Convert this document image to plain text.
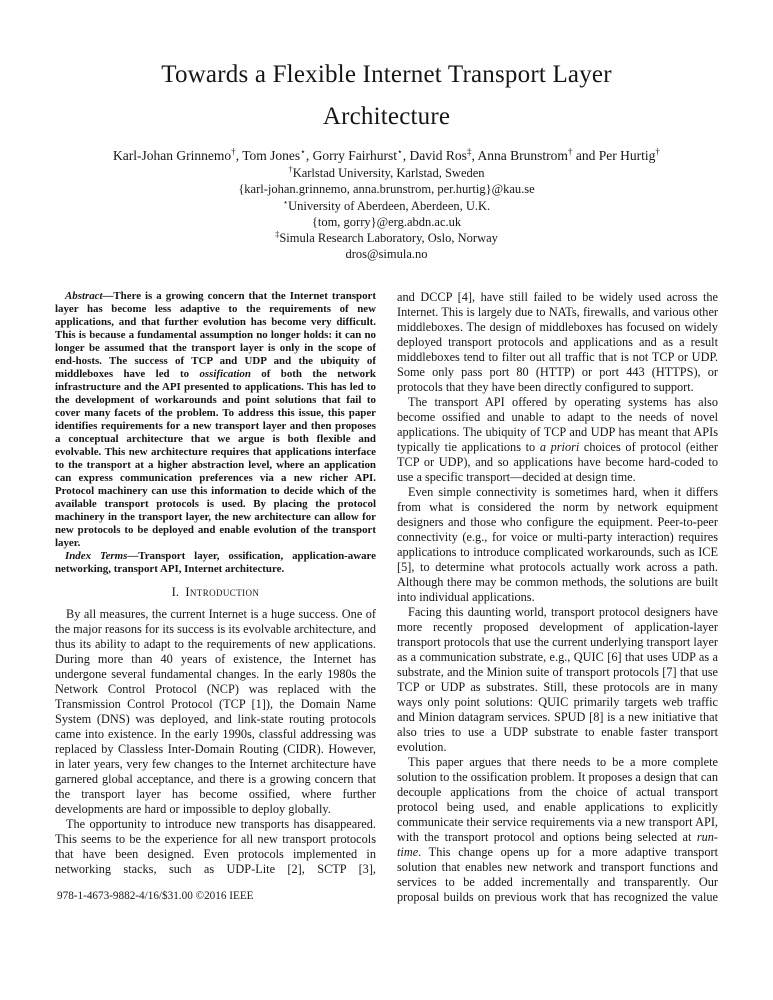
Towards a Flexible Internet Transport Layer
Architecture
Karl-Johan Grinnemo†, Tom Jones⋆, Gorry Fairhurst⋆, David Ros‡, Anna Brunstrom† and Per Hurtig†
†Karlstad University, Karlstad, Sweden
{karl-johan.grinnemo, anna.brunstrom, per.hurtig}@kau.se
⋆University of Aberdeen, Aberdeen, U.K.
{tom, gorry}@erg.abdn.ac.uk
‡Simula Research Laboratory, Oslo, Norway
dros@simula.no

Abstract—There is a growing concern that the Internet transport layer has become less adaptive to the requirements of new applications, and that further evolution has become very difficult. This is because a fundamental assumption no longer holds: it can no longer be assumed that the transport layer is only in the scope of end-hosts. The success of TCP and UDP and the ubiquity of middleboxes have led to ossification of both the network infrastructure and the API presented to applications. This has led to the development of workarounds and point solutions that fail to cover many facets of the problem. To address this issue, this paper identifies requirements for a new transport layer and then proposes a conceptual architecture that we argue is both flexible and evolvable. This new architecture requires that applications interface to the transport at a higher abstraction level, where an application can express communication preferences via a new richer API. Protocol machinery can use this information to decide which of the available transport protocols is used. By placing the protocol machinery in the transport layer, the new architecture can allow for new protocols to be deployed and enable evolution of the transport layer.

Index Terms—Transport layer, ossification, application-aware networking, transport API, Internet architecture.

I. Introduction

By all measures, the current Internet is a huge success. One of the major reasons for its success is its evolvable architecture, and thus its ability to adapt to the requirements of new applications. During more than 40 years of existence, the Internet has undergone several fundamental changes. In the early 1980s the Network Control Protocol (NCP) was replaced with the Transmission Control Protocol (TCP [1]), the Domain Name System (DNS) was deployed, and link-state routing protocols came into existence. In the early 1990s, classful addressing was replaced by Classless Inter-Domain Routing (CIDR). However, in later years, very few changes to the Internet architecture have garnered global acceptance, and there is a growing concern that the transport layer has become ossified, where further developments are hard or impossible to deploy globally.

The opportunity to introduce new transports has disappeared. This seems to be the experience for all new transport protocols that have been designed. Even protocols implemented in networking stacks, such as UDP-Lite [2], SCTP [3],

and DCCP [4], have still failed to be widely used across the Internet. This is largely due to NATs, firewalls, and various other middleboxes. The design of middleboxes has focused on widely deployed transport protocols and applications and as a result middleboxes tend to filter out all traffic that is not TCP or UDP. Some only pass port 80 (HTTP) or port 443 (HTTPS), or protocols that they have been directly configured to support.

The transport API offered by operating systems has also become ossified and unable to adapt to the needs of novel applications. The ubiquity of TCP and UDP has meant that APIs typically tie applications to a priori choices of protocol (either TCP or UDP), and so applications have become hard-coded to use a specific transport—decided at design time.

Even simple connectivity is sometimes hard, when it differs from what is considered the norm by network equipment designers and those who configure the equipment. Peer-to-peer connectivity (e.g., for voice or multi-party interaction) requires applications to introduce complicated workarounds, such as ICE [5], to determine what protocols actually work across a path. Although there may be common methods, the solutions are built into individual applications.

Facing this daunting world, transport protocol designers have more recently proposed development of application-layer transport protocols that use the current underlying transport layer as a communication substrate, e.g., QUIC [6] that uses UDP as a substrate, and the Minion suite of transport protocols [7] that use TCP or UDP as substrates. Still, these protocols are in many ways only point solutions: QUIC primarily targets web traffic and Minion datagram services. SPUD [8] is a new initiative that also tries to use a UDP substrate to enable faster transport evolution.

This paper argues that there needs to be a more complete solution to the ossification problem. It proposes a design that can decouple applications from the choice of actual transport protocol being used, and enable applications to explicitly communicate their service requirements via a new transport API, with the transport protocol and options being selected at run-time. This change opens up for a more adaptive transport solution that enables new network and transport functions and services to be added incrementally and transparently. Our proposal builds on previous work that has recognized the value

978-1-4673-9882-4/16/$31.00 ©2016 IEEE
